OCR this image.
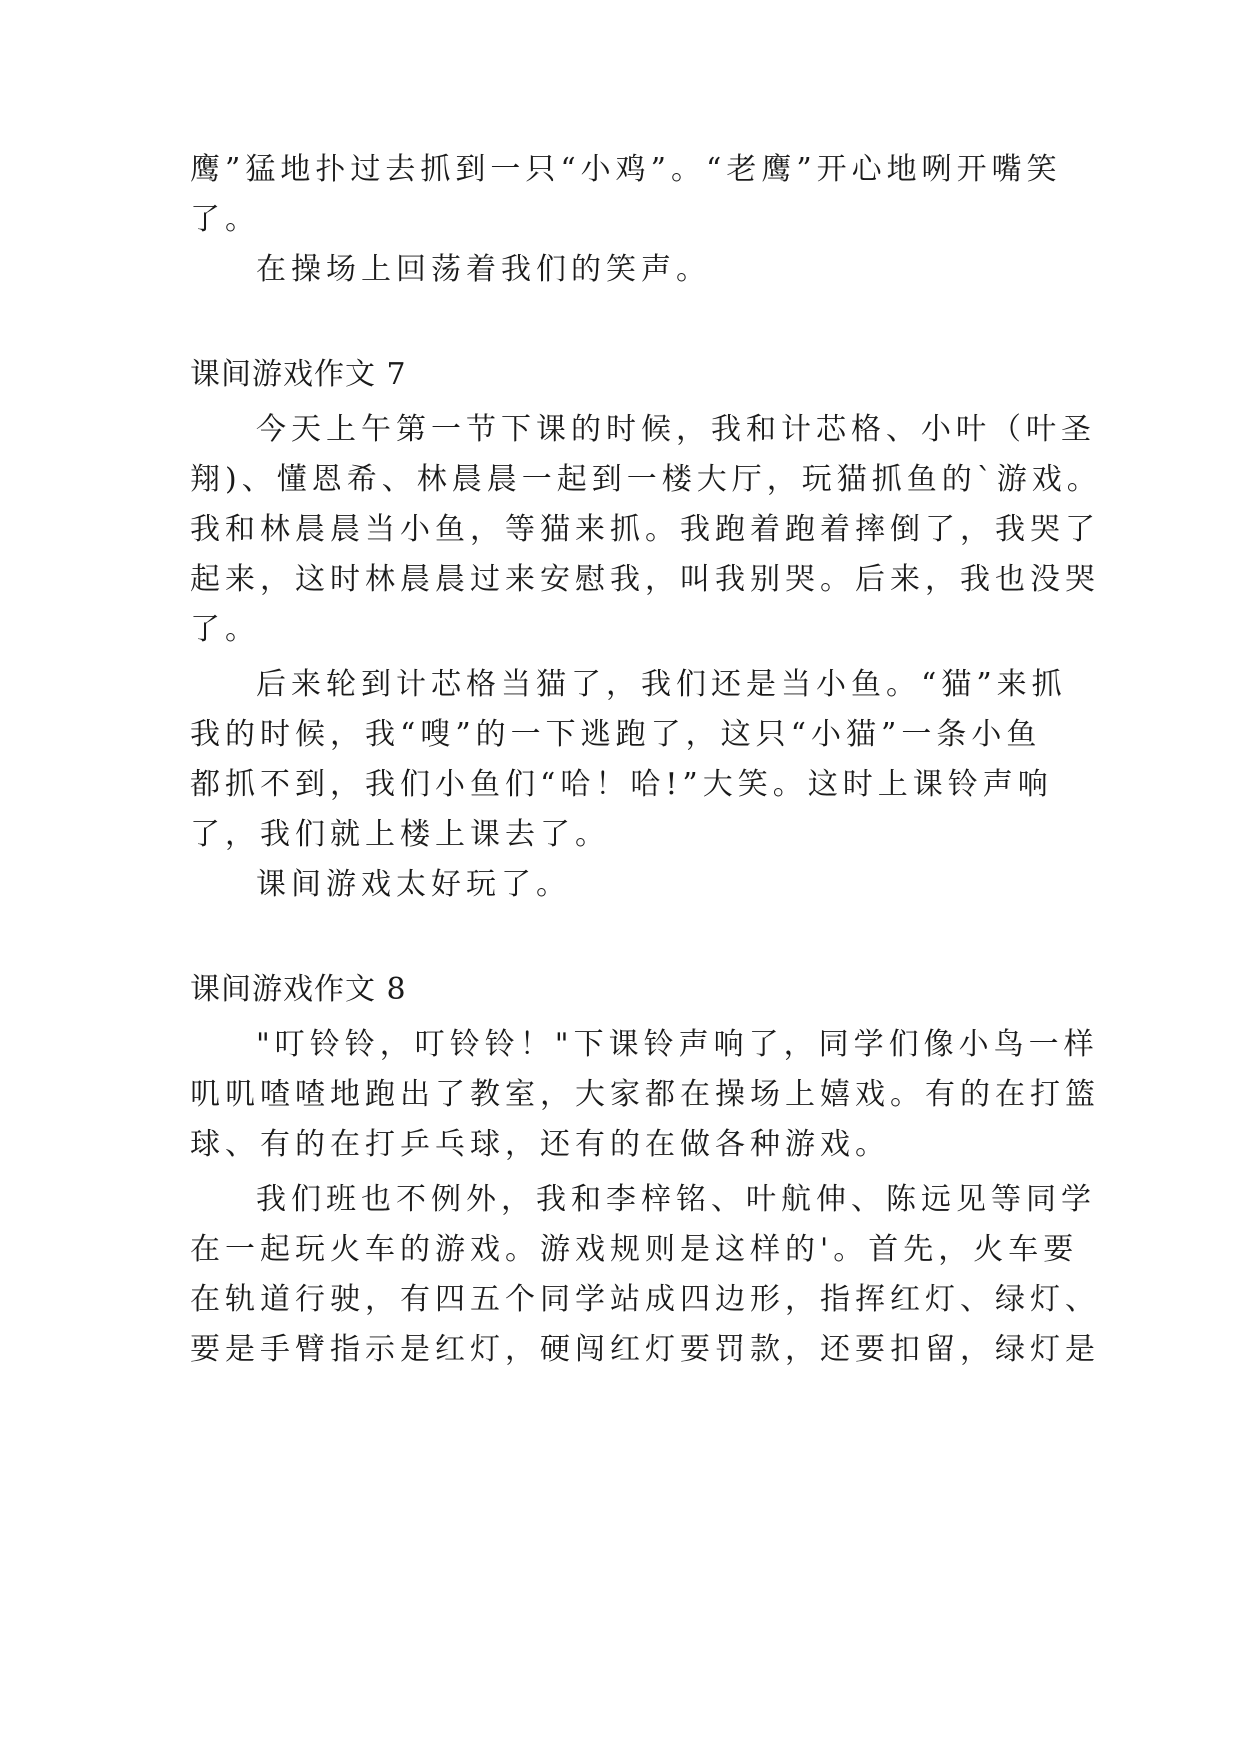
鹰”猛地扑过去抓到一只“小鸡”。“老鹰”开心地咧开嘴笑
了。
在操场上回荡着我们的笑声。
课间游戏作文 7
今天上午第一节下课的时候，我和计芯格、小叶（叶圣
翔)、懂恩希、林晨晨一起到一楼大厅，玩猫抓鱼的`游戏。
我和林晨晨当小鱼，等猫来抓。我跑着跑着摔倒了，我哭了
起来，这时林晨晨过来安慰我，叫我别哭。后来，我也没哭
了。
后来轮到计芯格当猫了，我们还是当小鱼。“猫”来抓
我的时候，我“嗖”的一下逃跑了，这只“小猫”一条小鱼
都抓不到，我们小鱼们“哈！哈!”大笑。这时上课铃声响
了，我们就上楼上课去了。
课间游戏太好玩了。
课间游戏作文 8
"叮铃铃，叮铃铃！"下课铃声响了，同学们像小鸟一样
叽叽喳喳地跑出了教室，大家都在操场上嬉戏。有的在打篮
球、有的在打乒乓球，还有的在做各种游戏。
我们班也不例外，我和李梓铭、叶航伸、陈远见等同学
在一起玩火车的游戏。游戏规则是这样的'。首先，火车要
在轨道行驶，有四五个同学站成四边形，指挥红灯、绿灯、
要是手臂指示是红灯，硬闯红灯要罚款，还要扣留，绿灯是
